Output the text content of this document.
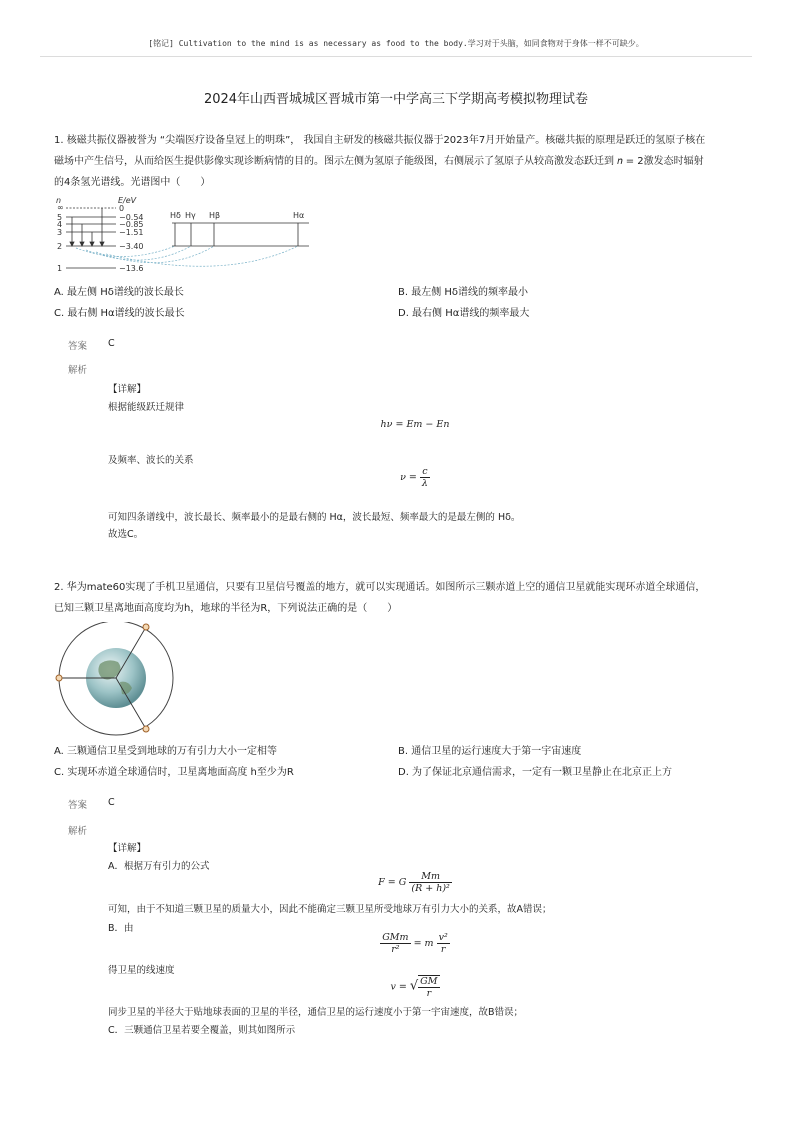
[铭记] Cultivation to the mind is as necessary as food to the body.学习对于头脑，如同食物对于身体一样不可缺少。
2024年山西晋城城区晋城市第一中学高三下学期高考模拟物理试卷
1. 核磁共振仪器被誉为 “尖端医疗设备皇冠上的明珠”， 我国自主研发的核磁共振仪器于2023年7月开始量产。核磁共振的原理是跃迁的氢原子核在
磁场中产生信号，从而给医生提供影像实现诊断病情的目的。图示左侧为氢原子能级图，右侧展示了氢原子从较高激发态跃迁到 𝑛 = 2激发态时辐射
的4条氢光谱线。光谱图中（　　）
n	E/eV
∞
5
4
3
2
1
0
−0.54
−0.85
−1.51
−3.40
−13.6
Hδ Hγ Hβ	Hα
A. 最左侧 Hδ谱线的波长最长	B. 最左侧 Hδ谱线的频率最小
C. 最右侧 Hα谱线的波长最长	D. 最右侧 Hα谱线的频率最大
答案 C
解析
【详解】
根据能级跃迁规律
hν = Em − En
及频率、波长的关系
$\nu = \frac{c}{\lambda}$
可知四条谱线中，波长最长、频率最小的是最右侧的 Hα，波长最短、频率最大的是最左侧的 Hδ。
故选C。
2. 华为mate60实现了手机卫星通信，只要有卫星信号覆盖的地方，就可以实现通话。如图所示三颗赤道上空的通信卫星就能实现环赤道全球通信，
已知三颗卫星离地面高度均为h，地球的半径为R，下列说法正确的是（　　）
A. 三颗通信卫星受到地球的万有引力大小一定相等	B. 通信卫星的运行速度大于第一宇宙速度
C. 实现环赤道全球通信时，卫星离地面高度 h至少为R	D. 为了保证北京通信需求，一定有一颗卫星静止在北京正上方
答案 C
解析
【详解】
A．根据万有引力的公式
F = G $\frac{Mm}{\text{(R + h)²}}$
可知，由于不知道三颗卫星的质量大小，因此不能确定三颗卫星所受地球万有引力大小的关系，故A错误；
B．由
$\frac{\text{GMm}}{\text{r²}} = m \frac{\text{v²}}{r}$
得卫星的线速度
v = √ $\frac{GM}{r}$
同步卫星的半径大于贴地球表面的卫星的半径，通信卫星的运行速度小于第一宇宙速度，故B错误；
C．三颗通信卫星若要全覆盖，则其如图所示
